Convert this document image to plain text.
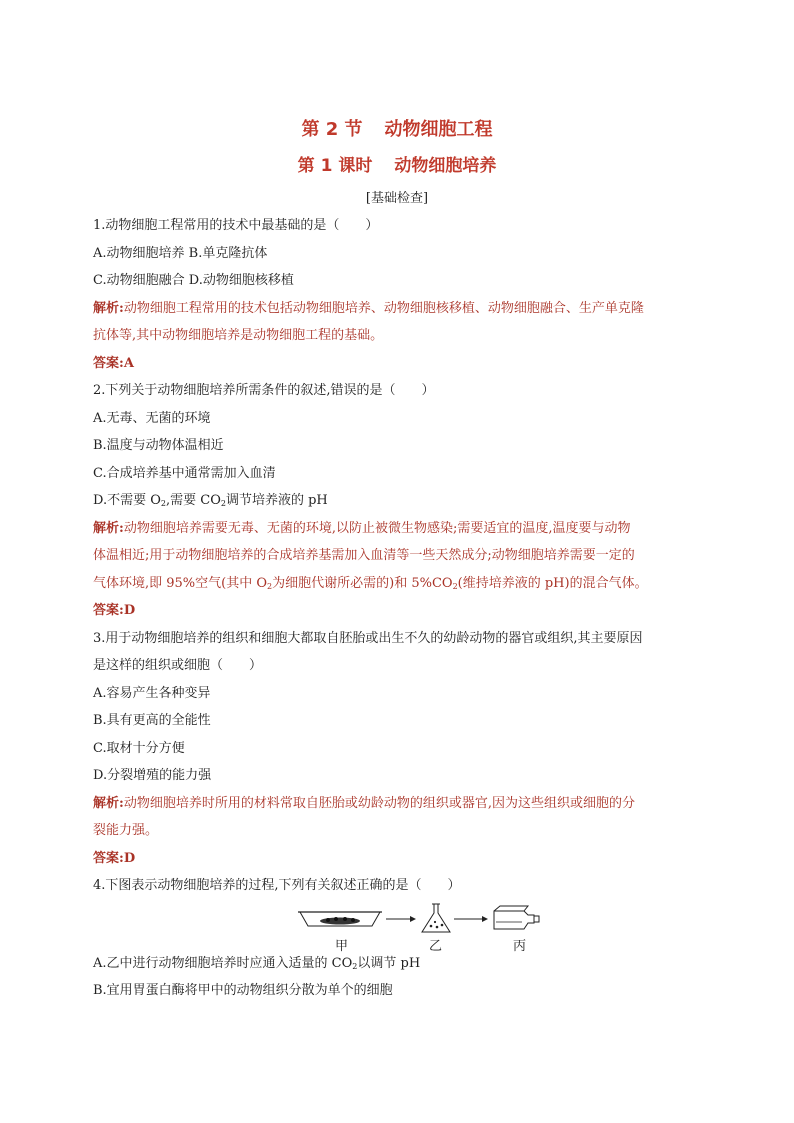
第 2 节 动物细胞工程
第 1 课时 动物细胞培养
[基础检查]
1.动物细胞工程常用的技术中最基础的是（　　）
A.动物细胞培养 B.单克隆抗体
C.动物细胞融合 D.动物细胞核移植
解析:动物细胞工程常用的技术包括动物细胞培养、动物细胞核移植、动物细胞融合、生产单克隆
抗体等,其中动物细胞培养是动物细胞工程的基础。
答案:A
2.下列关于动物细胞培养所需条件的叙述,错误的是（　　）
A.无毒、无菌的环境
B.温度与动物体温相近
C.合成培养基中通常需加入血清
D.不需要 $O_2$,需要 $CO_2$调节培养液的 pH
解析:动物细胞培养需要无毒、无菌的环境,以防止被微生物感染;需要适宜的温度,温度要与动物
体温相近;用于动物细胞培养的合成培养基需加入血清等一些天然成分;动物细胞培养需要一定的
气体环境,即 95%空气(其中 $O_2$为细胞代谢所必需的)和 $5\%CO_2$(维持培养液的 pH)的混合气体。
答案:D
3.用于动物细胞培养的组织和细胞大都取自胚胎或出生不久的幼龄动物的器官或组织,其主要原因
是这样的组织或细胞（　　）
A.容易产生各种变异
B.具有更高的全能性
C.取材十分方便
D.分裂增殖的能力强
解析:动物细胞培养时所用的材料常取自胚胎或幼龄动物的组织或器官,因为这些组织或细胞的分
裂能力强。
答案:D
4.下图表示动物细胞培养的过程,下列有关叙述正确的是（　　）
甲	乙	丙
A.乙中进行动物细胞培养时应通入适量的 $CO_2$以调节 pH
B.宜用胃蛋白酶将甲中的动物组织分散为单个的细胞
